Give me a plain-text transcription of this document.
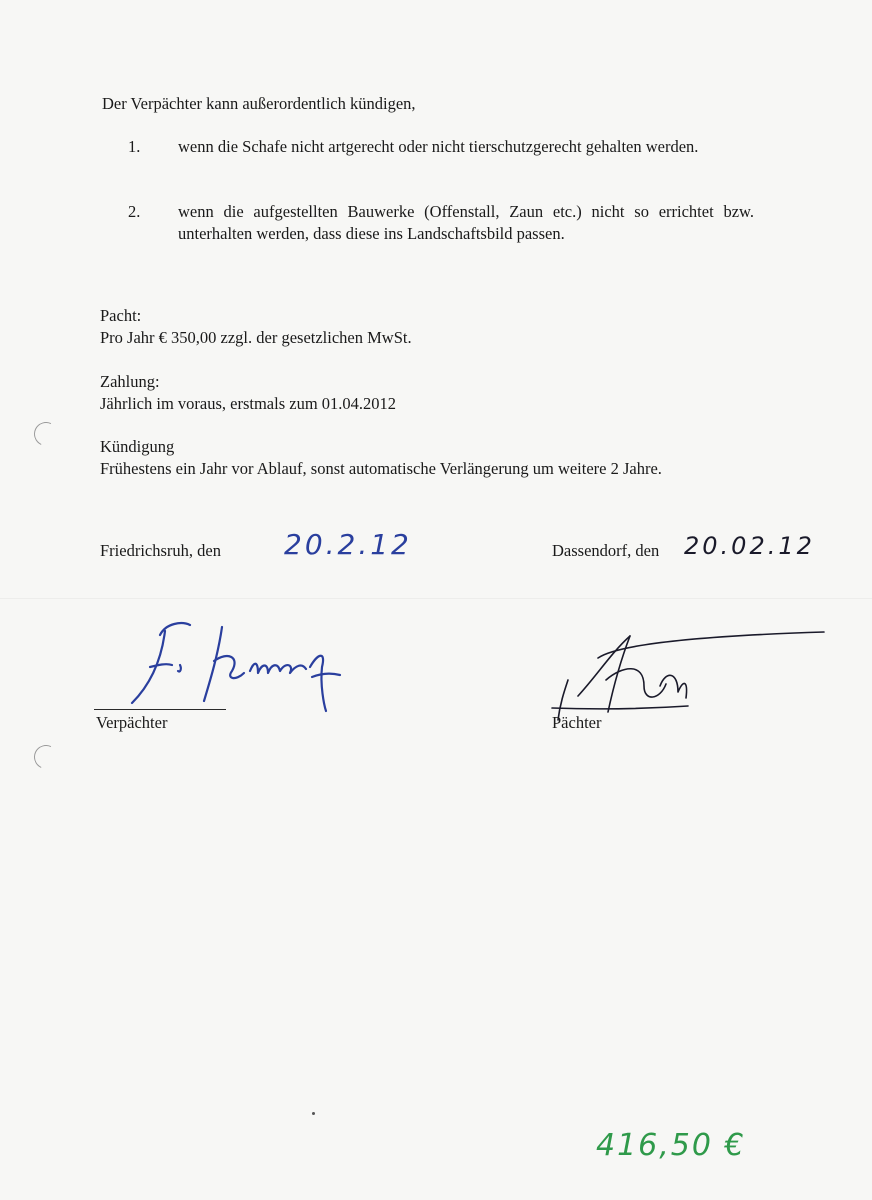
Der Verpächter kann außerordentlich kündigen,
1. wenn die Schafe nicht artgerecht oder nicht tierschutzgerecht gehalten werden.
2. wenn die aufgestellten Bauwerke (Offenstall, Zaun etc.) nicht so errichtet bzw. unterhalten werden, dass diese ins Landschaftsbild passen.
Pacht:
Pro Jahr € 350,00 zzgl. der gesetzlichen MwSt.
Zahlung:
Jährlich im voraus, erstmals zum 01.04.2012
Kündigung
Frühestens ein Jahr vor Ablauf, sonst automatische Verlängerung um weitere 2 Jahre.
Friedrichsruh, den 20.2.12	Dassendorf, den 20.02.12
Verpächter	Pächter
416,50 €
